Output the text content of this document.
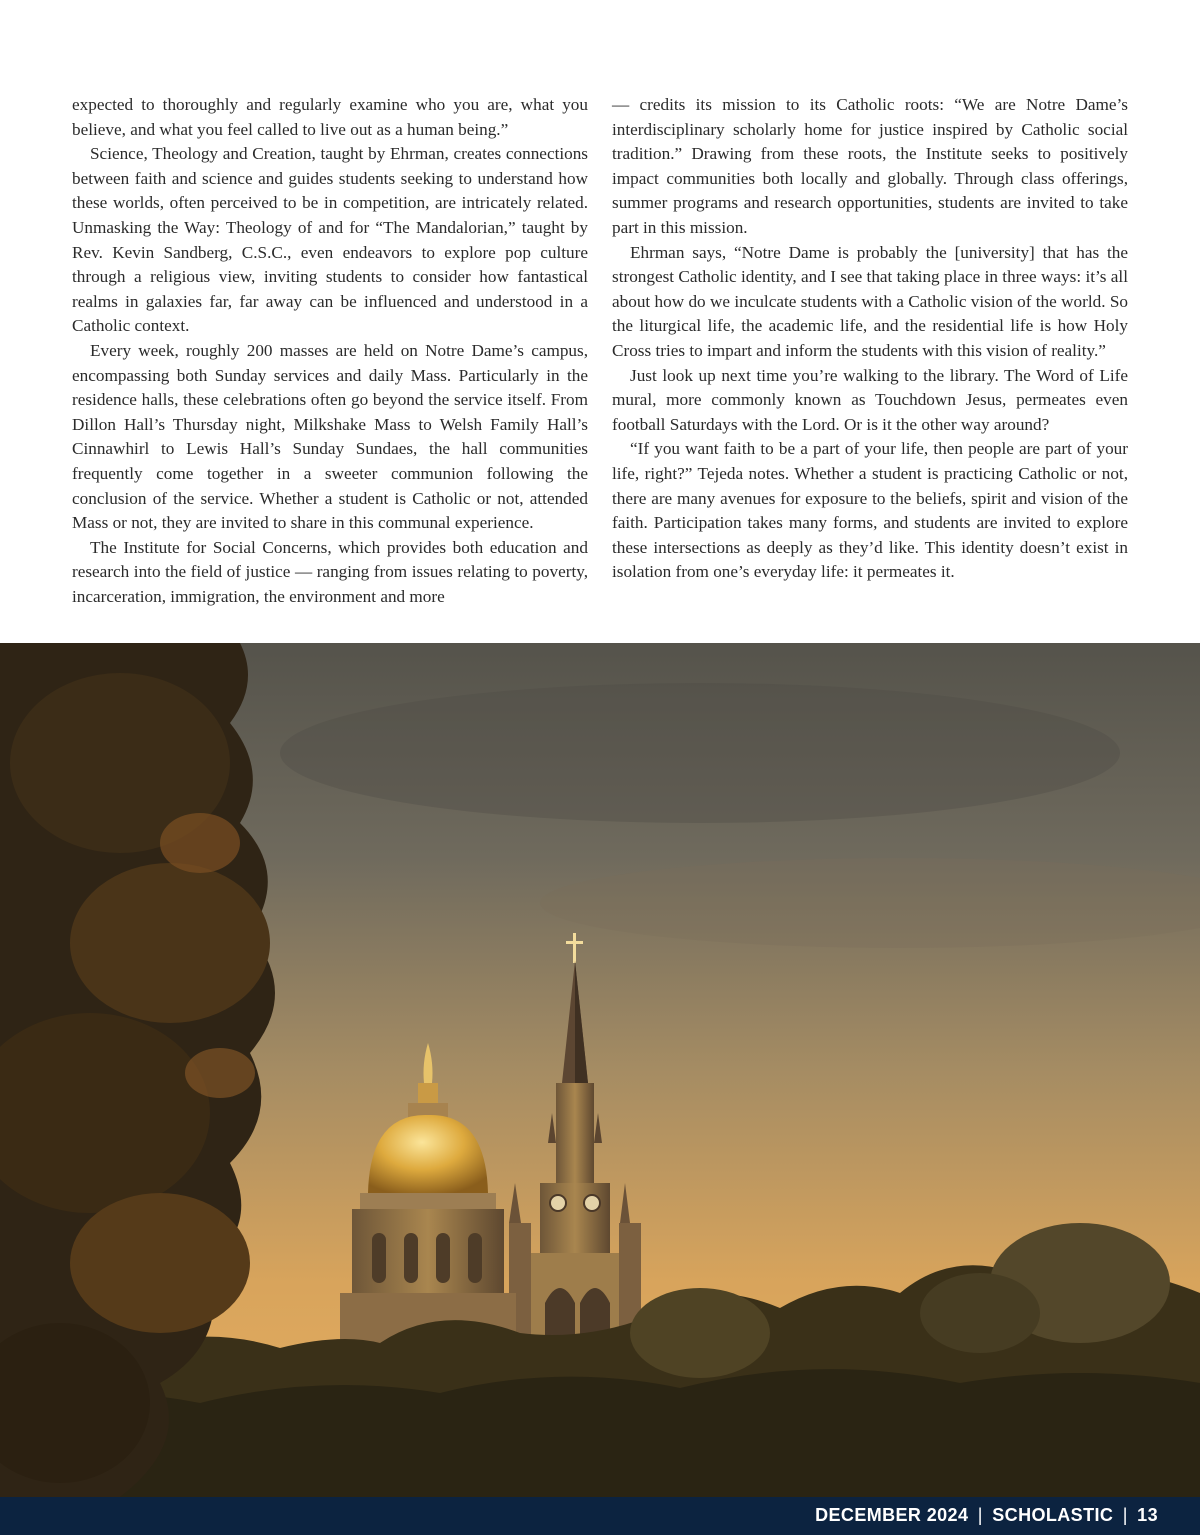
expected to thoroughly and regularly examine who you are, what you believe, and what you feel called to live out as a human being.”

Science, Theology and Creation, taught by Ehrman, creates connections between faith and science and guides students seeking to understand how these worlds, often perceived to be in competition, are intricately related. Unmasking the Way: Theology of and for “The Mandalorian,” taught by Rev. Kevin Sandberg, C.S.C., even endeavors to explore pop culture through a religious view, inviting students to consider how fantastical realms in galaxies far, far away can be influenced and understood in a Catholic context.

Every week, roughly 200 masses are held on Notre Dame’s campus, encompassing both Sunday services and daily Mass. Particularly in the residence halls, these celebrations often go beyond the service itself. From Dillon Hall’s Thursday night, Milkshake Mass to Welsh Family Hall’s Cinnawhirl to Lewis Hall’s Sunday Sundaes, the hall communities frequently come together in a sweeter communion following the conclusion of the service. Whether a student is Catholic or not, attended Mass or not, they are invited to share in this communal experience.

The Institute for Social Concerns, which provides both education and research into the field of justice — ranging from issues relating to poverty, incarceration, immigration, the environment and more

— credits its mission to its Catholic roots: “We are Notre Dame’s interdisciplinary scholarly home for justice inspired by Catholic social tradition.” Drawing from these roots, the Institute seeks to positively impact communities both locally and globally. Through class offerings, summer programs and research opportunities, students are invited to take part in this mission.

Ehrman says, “Notre Dame is probably the [university] that has the strongest Catholic identity, and I see that taking place in three ways: it’s all about how do we inculcate students with a Catholic vision of the world. So the liturgical life, the academic life, and the residential life is how Holy Cross tries to impart and inform the students with this vision of reality.”

Just look up next time you’re walking to the library. The Word of Life mural, more commonly known as Touchdown Jesus, permeates even football Saturdays with the Lord. Or is it the other way around?

“If you want faith to be a part of your life, then people are part of your life, right?” Tejeda notes. Whether a student is practicing Catholic or not, there are many avenues for exposure to the beliefs, spirit and vision of the faith. Participation takes many forms, and students are invited to explore these intersections as deeply as they’d like. This identity doesn’t exist in isolation from one’s everyday life: it permeates it.

DECEMBER 2024 | SCHOLASTIC | 13
